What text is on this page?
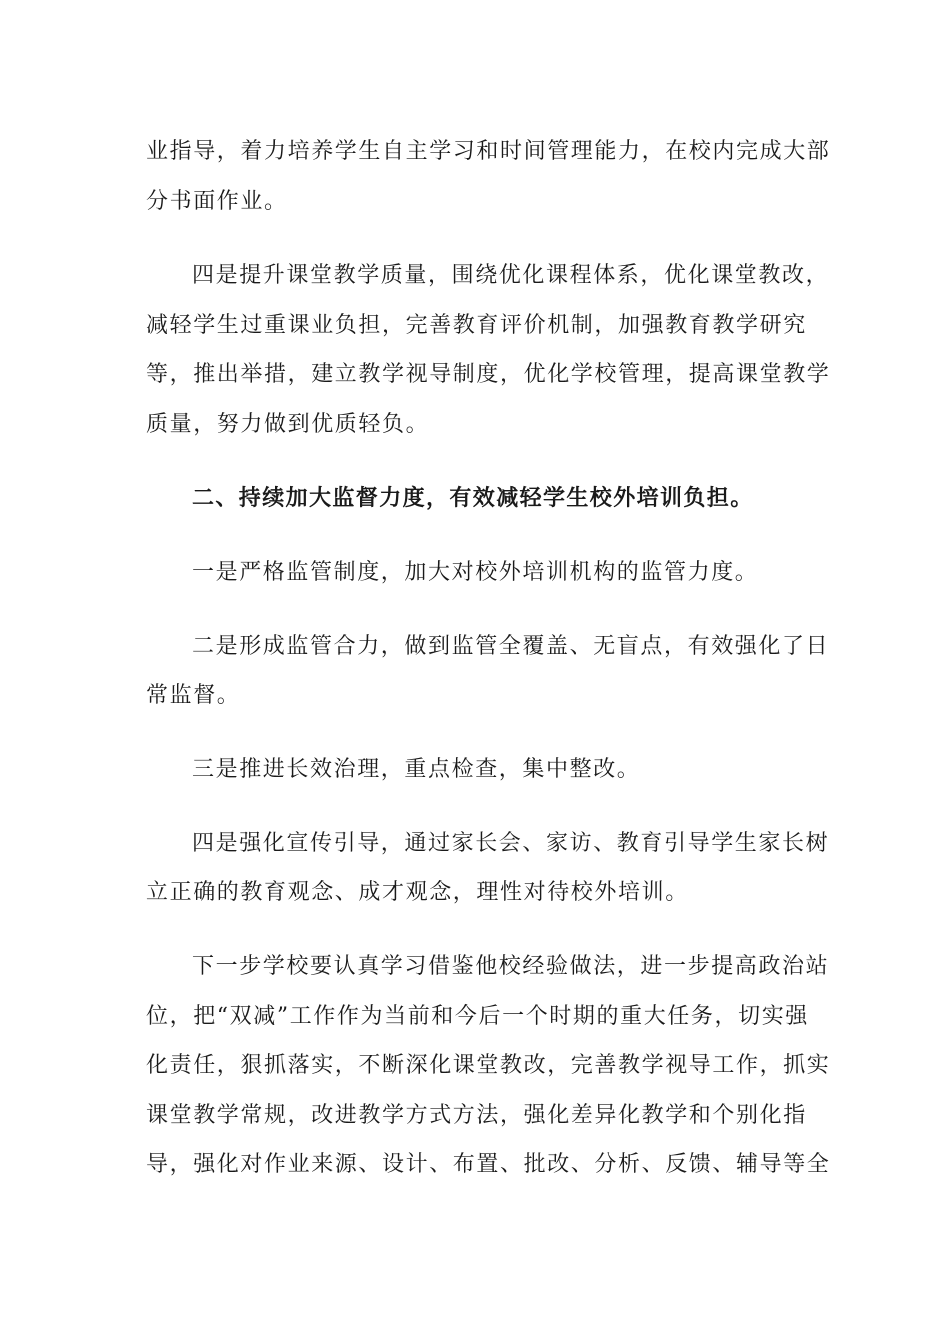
业指导，着力培养学生自主学习和时间管理能力，在校内完成大部
分书面作业。
四是提升课堂教学质量，围绕优化课程体系，优化课堂教改，
减轻学生过重课业负担，完善教育评价机制，加强教育教学研究
等，推出举措，建立教学视导制度，优化学校管理，提高课堂教学
质量，努力做到优质轻负。
二、持续加大监督力度，有效减轻学生校外培训负担。
一是严格监管制度，加大对校外培训机构的监管力度。
二是形成监管合力，做到监管全覆盖、无盲点，有效强化了日
常监督。
三是推进长效治理，重点检查，集中整改。
四是强化宣传引导，通过家长会、家访、教育引导学生家长树
立正确的教育观念、成才观念，理性对待校外培训。
下一步学校要认真学习借鉴他校经验做法，进一步提高政治站
位，把“双减”工作作为当前和今后一个时期的重大任务，切实强
化责任，狠抓落实，不断深化课堂教改，完善教学视导工作，抓实
课堂教学常规，改进教学方式方法，强化差异化教学和个别化指
导，强化对作业来源、设计、布置、批改、分析、反馈、辅导等全
